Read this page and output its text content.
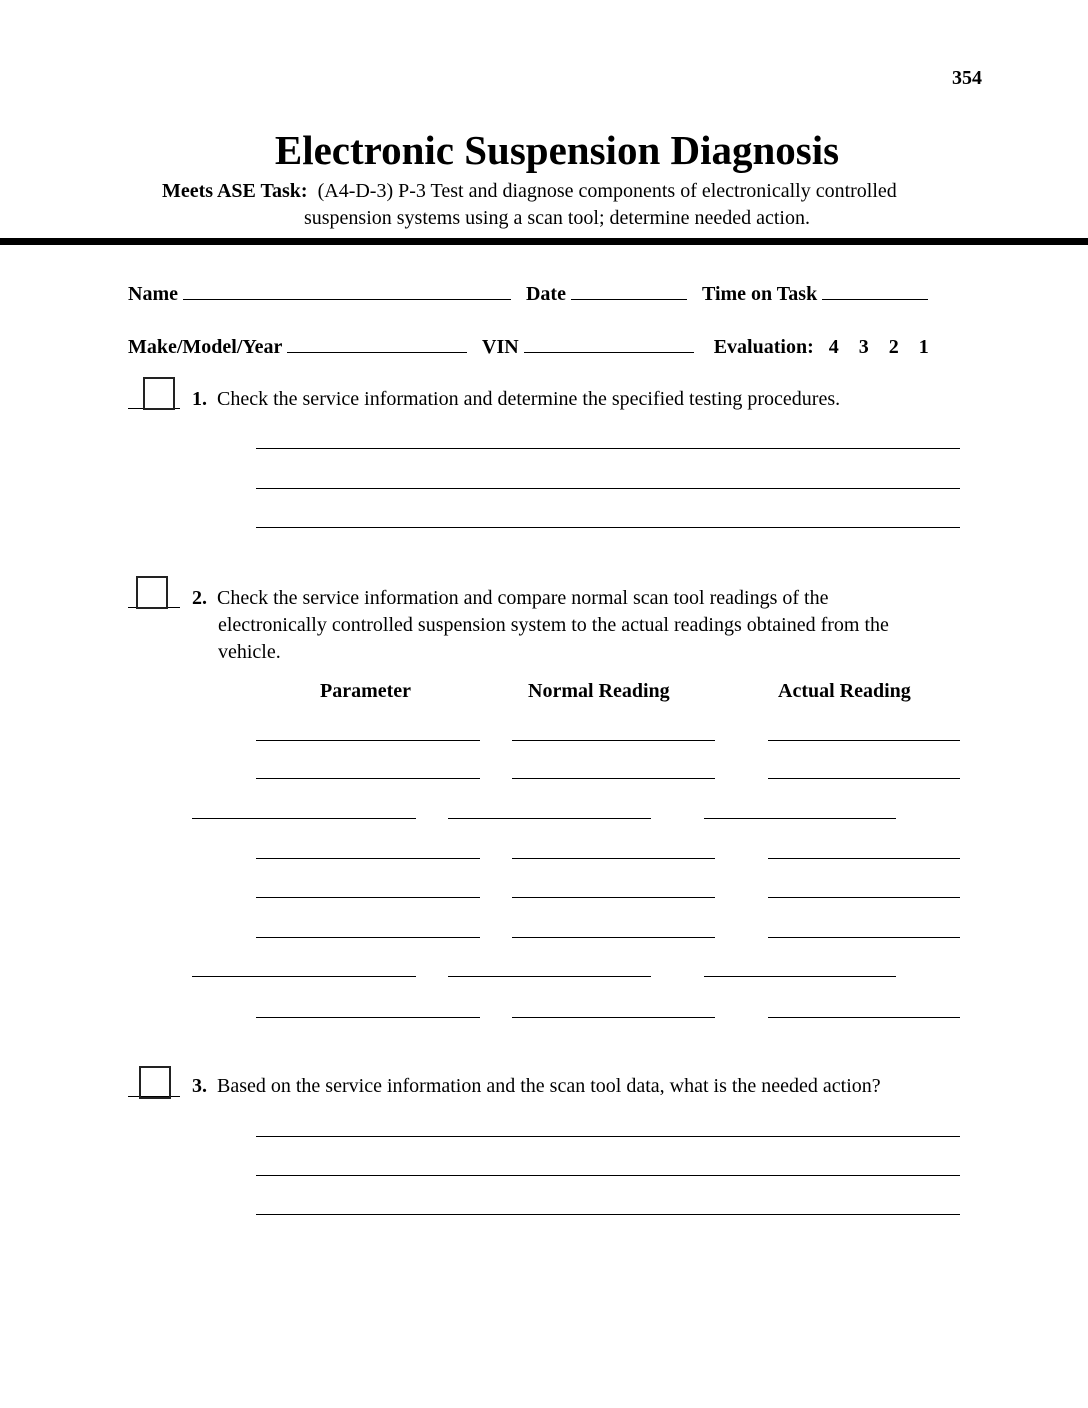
354
Electronic Suspension Diagnosis
Meets ASE Task: (A4-D-3) P-3 Test and diagnose components of electronically controlled
suspension systems using a scan tool; determine needed action.
Name	Date	Time on Task
Make/Model/Year	VIN	Evaluation: 4 3 2 1
1. Check the service information and determine the specified testing procedures.
2. Check the service information and compare normal scan tool readings of the
electronically controlled suspension system to the actual readings obtained from the
vehicle.
Parameter	Normal Reading	Actual Reading
3. Based on the service information and the scan tool data, what is the needed action?
